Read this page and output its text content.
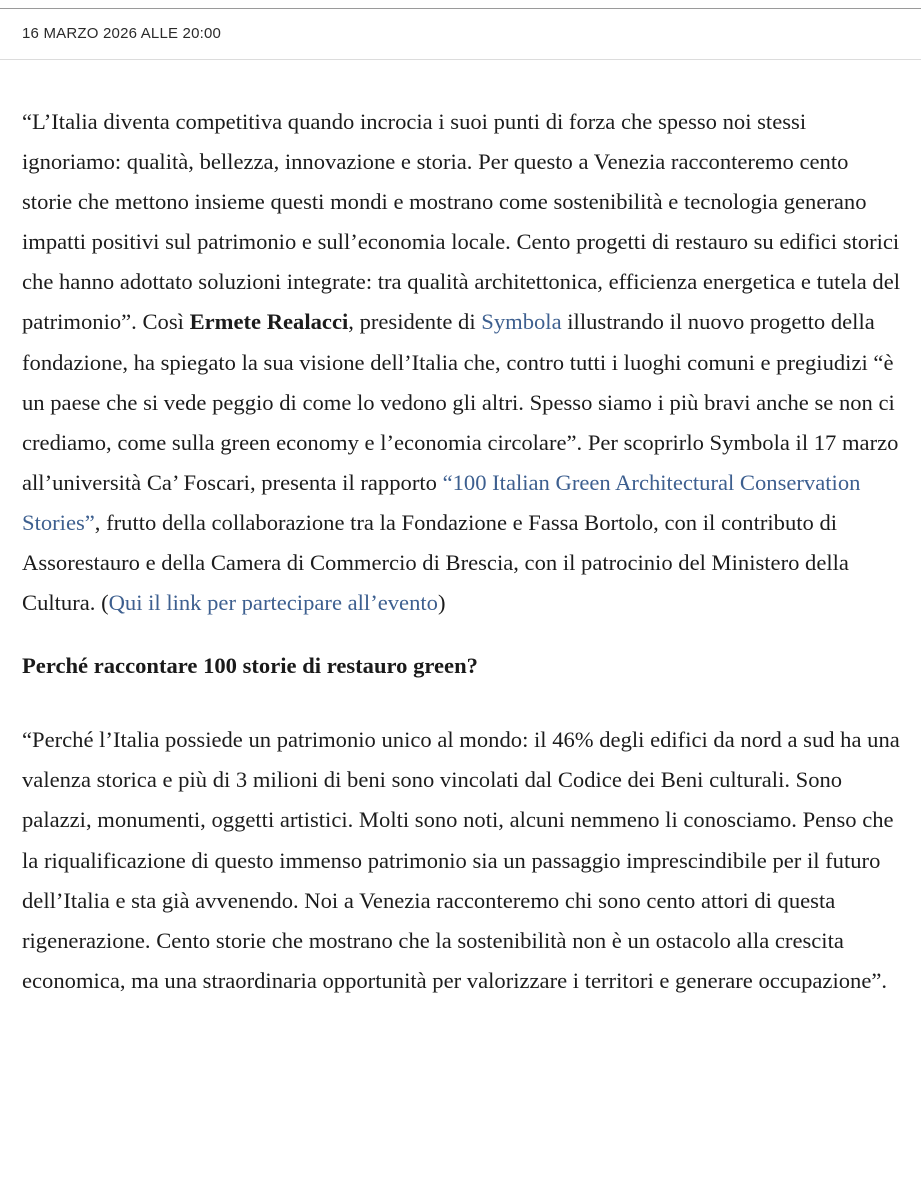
16 MARZO 2026 ALLE 20:00

“L’Italia diventa competitiva quando incrocia i suoi punti di forza che spesso noi stessi ignoriamo: qualità, bellezza, innovazione e storia. Per questo a Venezia racconteremo cento storie che mettono insieme questi mondi e mostrano come sostenibilità e tecnologia generano impatti positivi sul patrimonio e sull’economia locale. Cento progetti di restauro su edifici storici che hanno adottato soluzioni integrate: tra qualità architettonica, efficienza energetica e tutela del patrimonio”. Così Ermete Realacci, presidente di Symbola illustrando il nuovo progetto della fondazione, ha spiegato la sua visione dell’Italia che, contro tutti i luoghi comuni e pregiudizi “è un paese che si vede peggio di come lo vedono gli altri. Spesso siamo i più bravi anche se non ci crediamo, come sulla green economy e l’economia circolare”. Per scoprirlo Symbola il 17 marzo all’università Ca’ Foscari, presenta il rapporto “100 Italian Green Architectural Conservation Stories”, frutto della collaborazione tra la Fondazione e Fassa Bortolo, con il contributo di Assorestauro e della Camera di Commercio di Brescia, con il patrocinio del Ministero della Cultura. (Qui il link per partecipare all’evento)

Perché raccontare 100 storie di restauro green?

“Perché l’Italia possiede un patrimonio unico al mondo: il 46% degli edifici da nord a sud ha una valenza storica e più di 3 milioni di beni sono vincolati dal Codice dei Beni culturali. Sono palazzi, monumenti, oggetti artistici. Molti sono noti, alcuni nemmeno li conosciamo. Penso che la riqualificazione di questo immenso patrimonio sia un passaggio imprescindibile per il futuro dell’Italia e sta già avvenendo. Noi a Venezia racconteremo chi sono cento attori di questa rigenerazione. Cento storie che mostrano che la sostenibilità non è un ostacolo alla crescita economica, ma una straordinaria opportunità per valorizzare i territori e generare occupazione”.
